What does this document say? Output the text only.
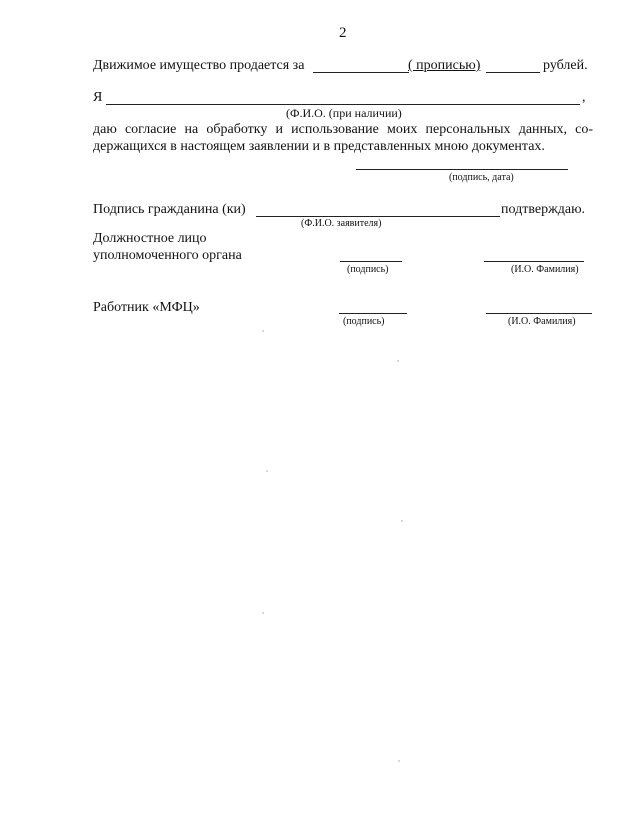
2
Движимое имущество продается за	( прописью)	рублей.
Я	,
(Ф.И.О. (при наличии)
даю согласие на обработку и использование моих персональных данных, со-
держащихся в настоящем заявлении и в представленных мною документах.
(подпись, дата)
Подпись гражданина (ки)	подтверждаю.
(Ф.И.О. заявителя)
Должностное лицо
уполномоченного органа
(подпись)	(И.О. Фамилия)
Работник «МФЦ»
(подпись)	(И.О. Фамилия)
